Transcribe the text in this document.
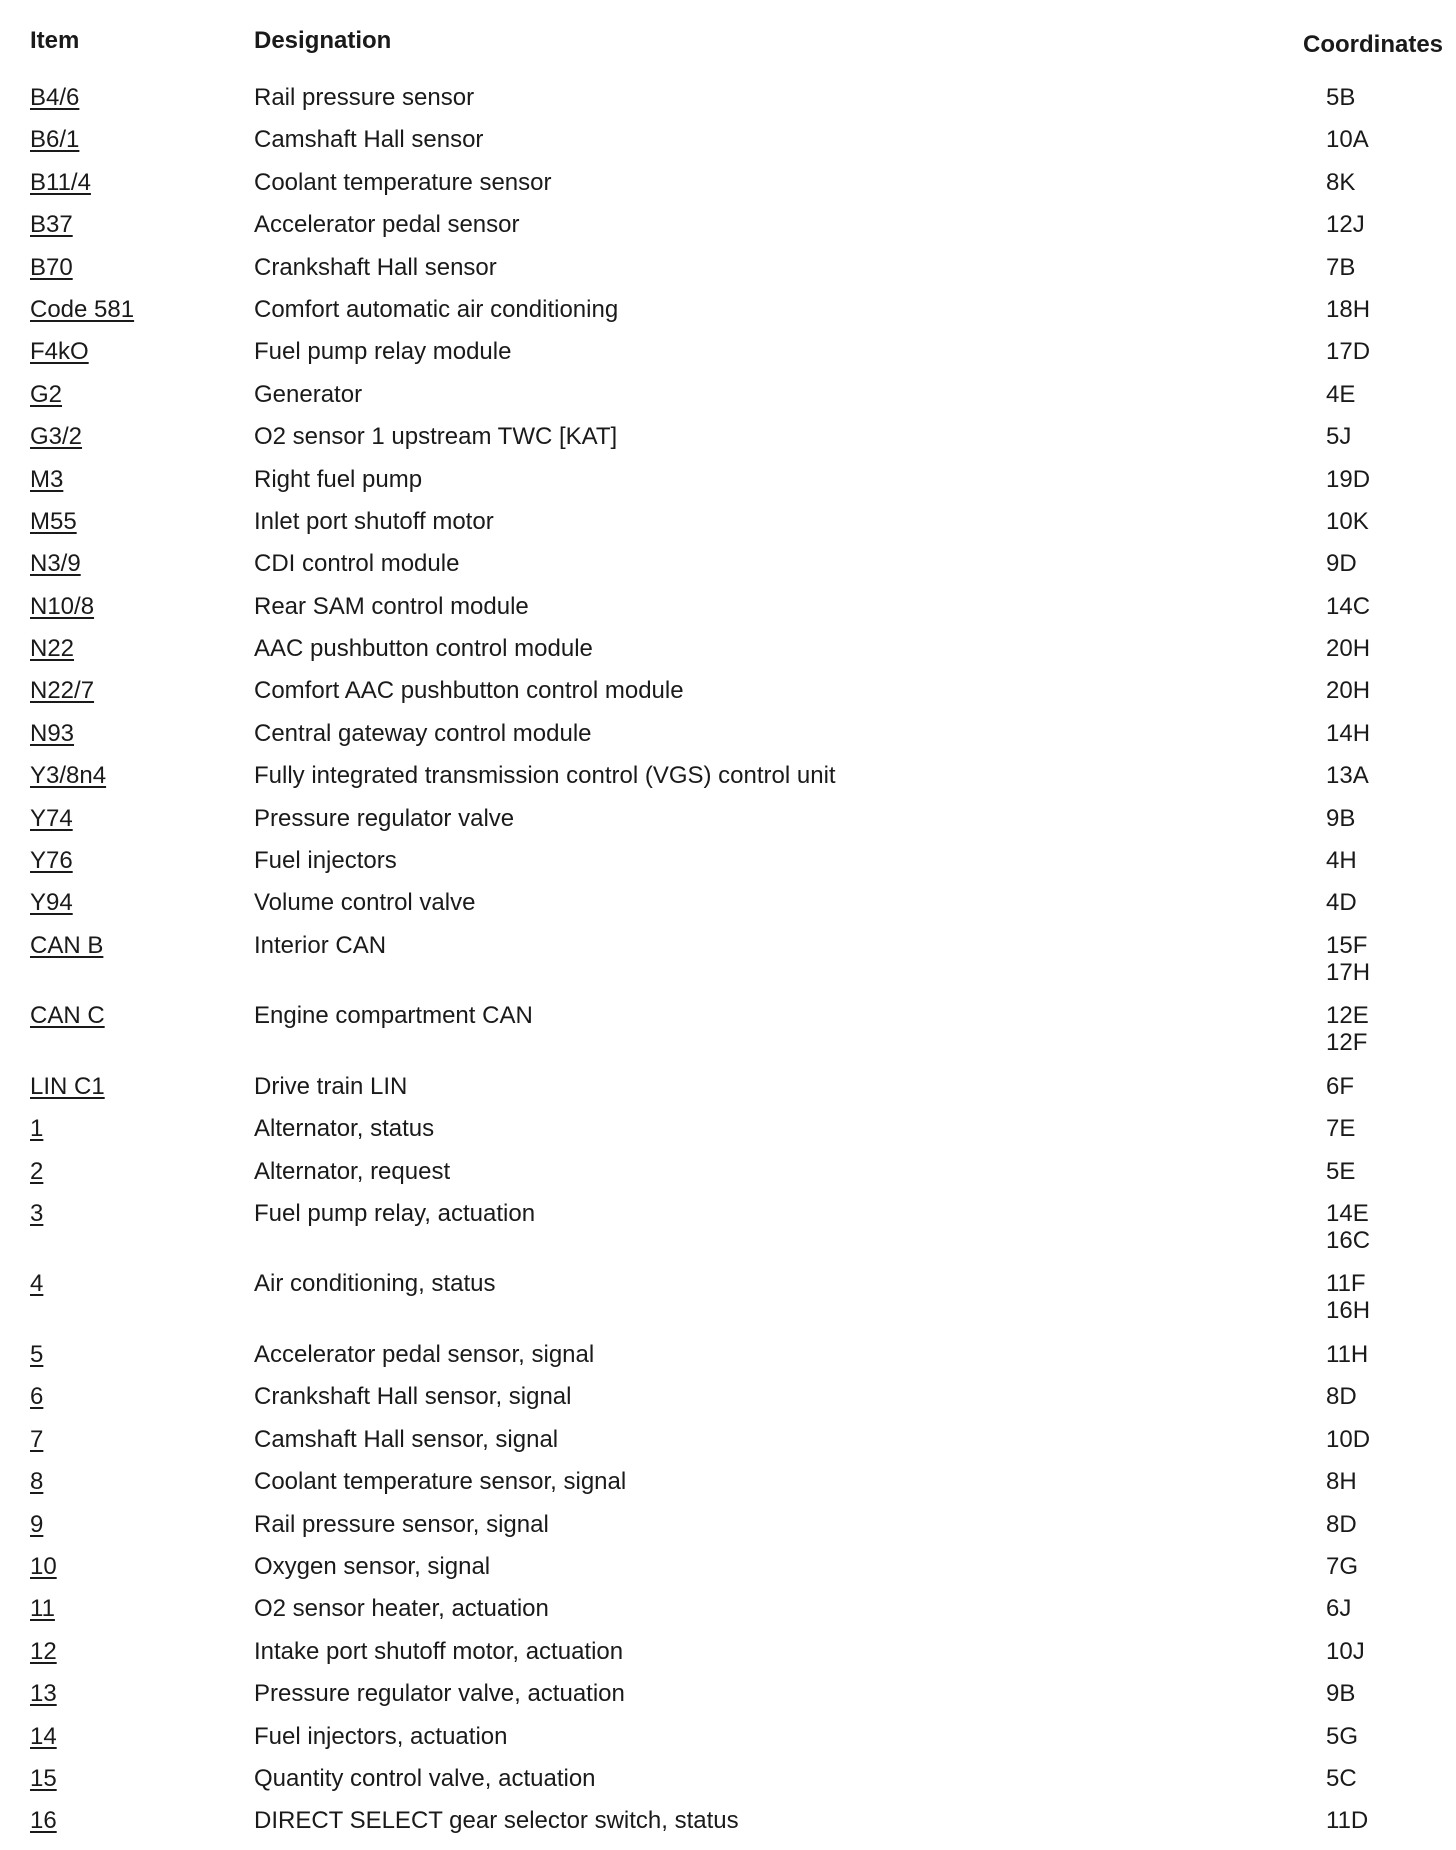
Item	Designation	Coordinates
B4/6	Rail pressure sensor	5B
B6/1	Camshaft Hall sensor	10A
B11/4	Coolant temperature sensor	8K
B37	Accelerator pedal sensor	12J
B70	Crankshaft Hall sensor	7B
Code 581	Comfort automatic air conditioning	18H
F4kO	Fuel pump relay module	17D
G2	Generator	4E
G3/2	O2 sensor 1 upstream TWC [KAT]	5J
M3	Right fuel pump	19D
M55	Inlet port shutoff motor	10K
N3/9	CDI control module	9D
N10/8	Rear SAM control module	14C
N22	AAC pushbutton control module	20H
N22/7	Comfort AAC pushbutton control module	20H
N93	Central gateway control module	14H
Y3/8n4	Fully integrated transmission control (VGS) control unit	13A
Y74	Pressure regulator valve	9B
Y76	Fuel injectors	4H
Y94	Volume control valve	4D
CAN B	Interior CAN	15F
17H
CAN C	Engine compartment CAN	12E
12F
LIN C1	Drive train LIN	6F
1	Alternator, status	7E
2	Alternator, request	5E
3	Fuel pump relay, actuation	14E
16C
4	Air conditioning, status	11F
16H
5	Accelerator pedal sensor, signal	11H
6	Crankshaft Hall sensor, signal	8D
7	Camshaft Hall sensor, signal	10D
8	Coolant temperature sensor, signal	8H
9	Rail pressure sensor, signal	8D
10	Oxygen sensor, signal	7G
11	O2 sensor heater, actuation	6J
12	Intake port shutoff motor, actuation	10J
13	Pressure regulator valve, actuation	9B
14	Fuel injectors, actuation	5G
15	Quantity control valve, actuation	5C
16	DIRECT SELECT gear selector switch, status	11D
